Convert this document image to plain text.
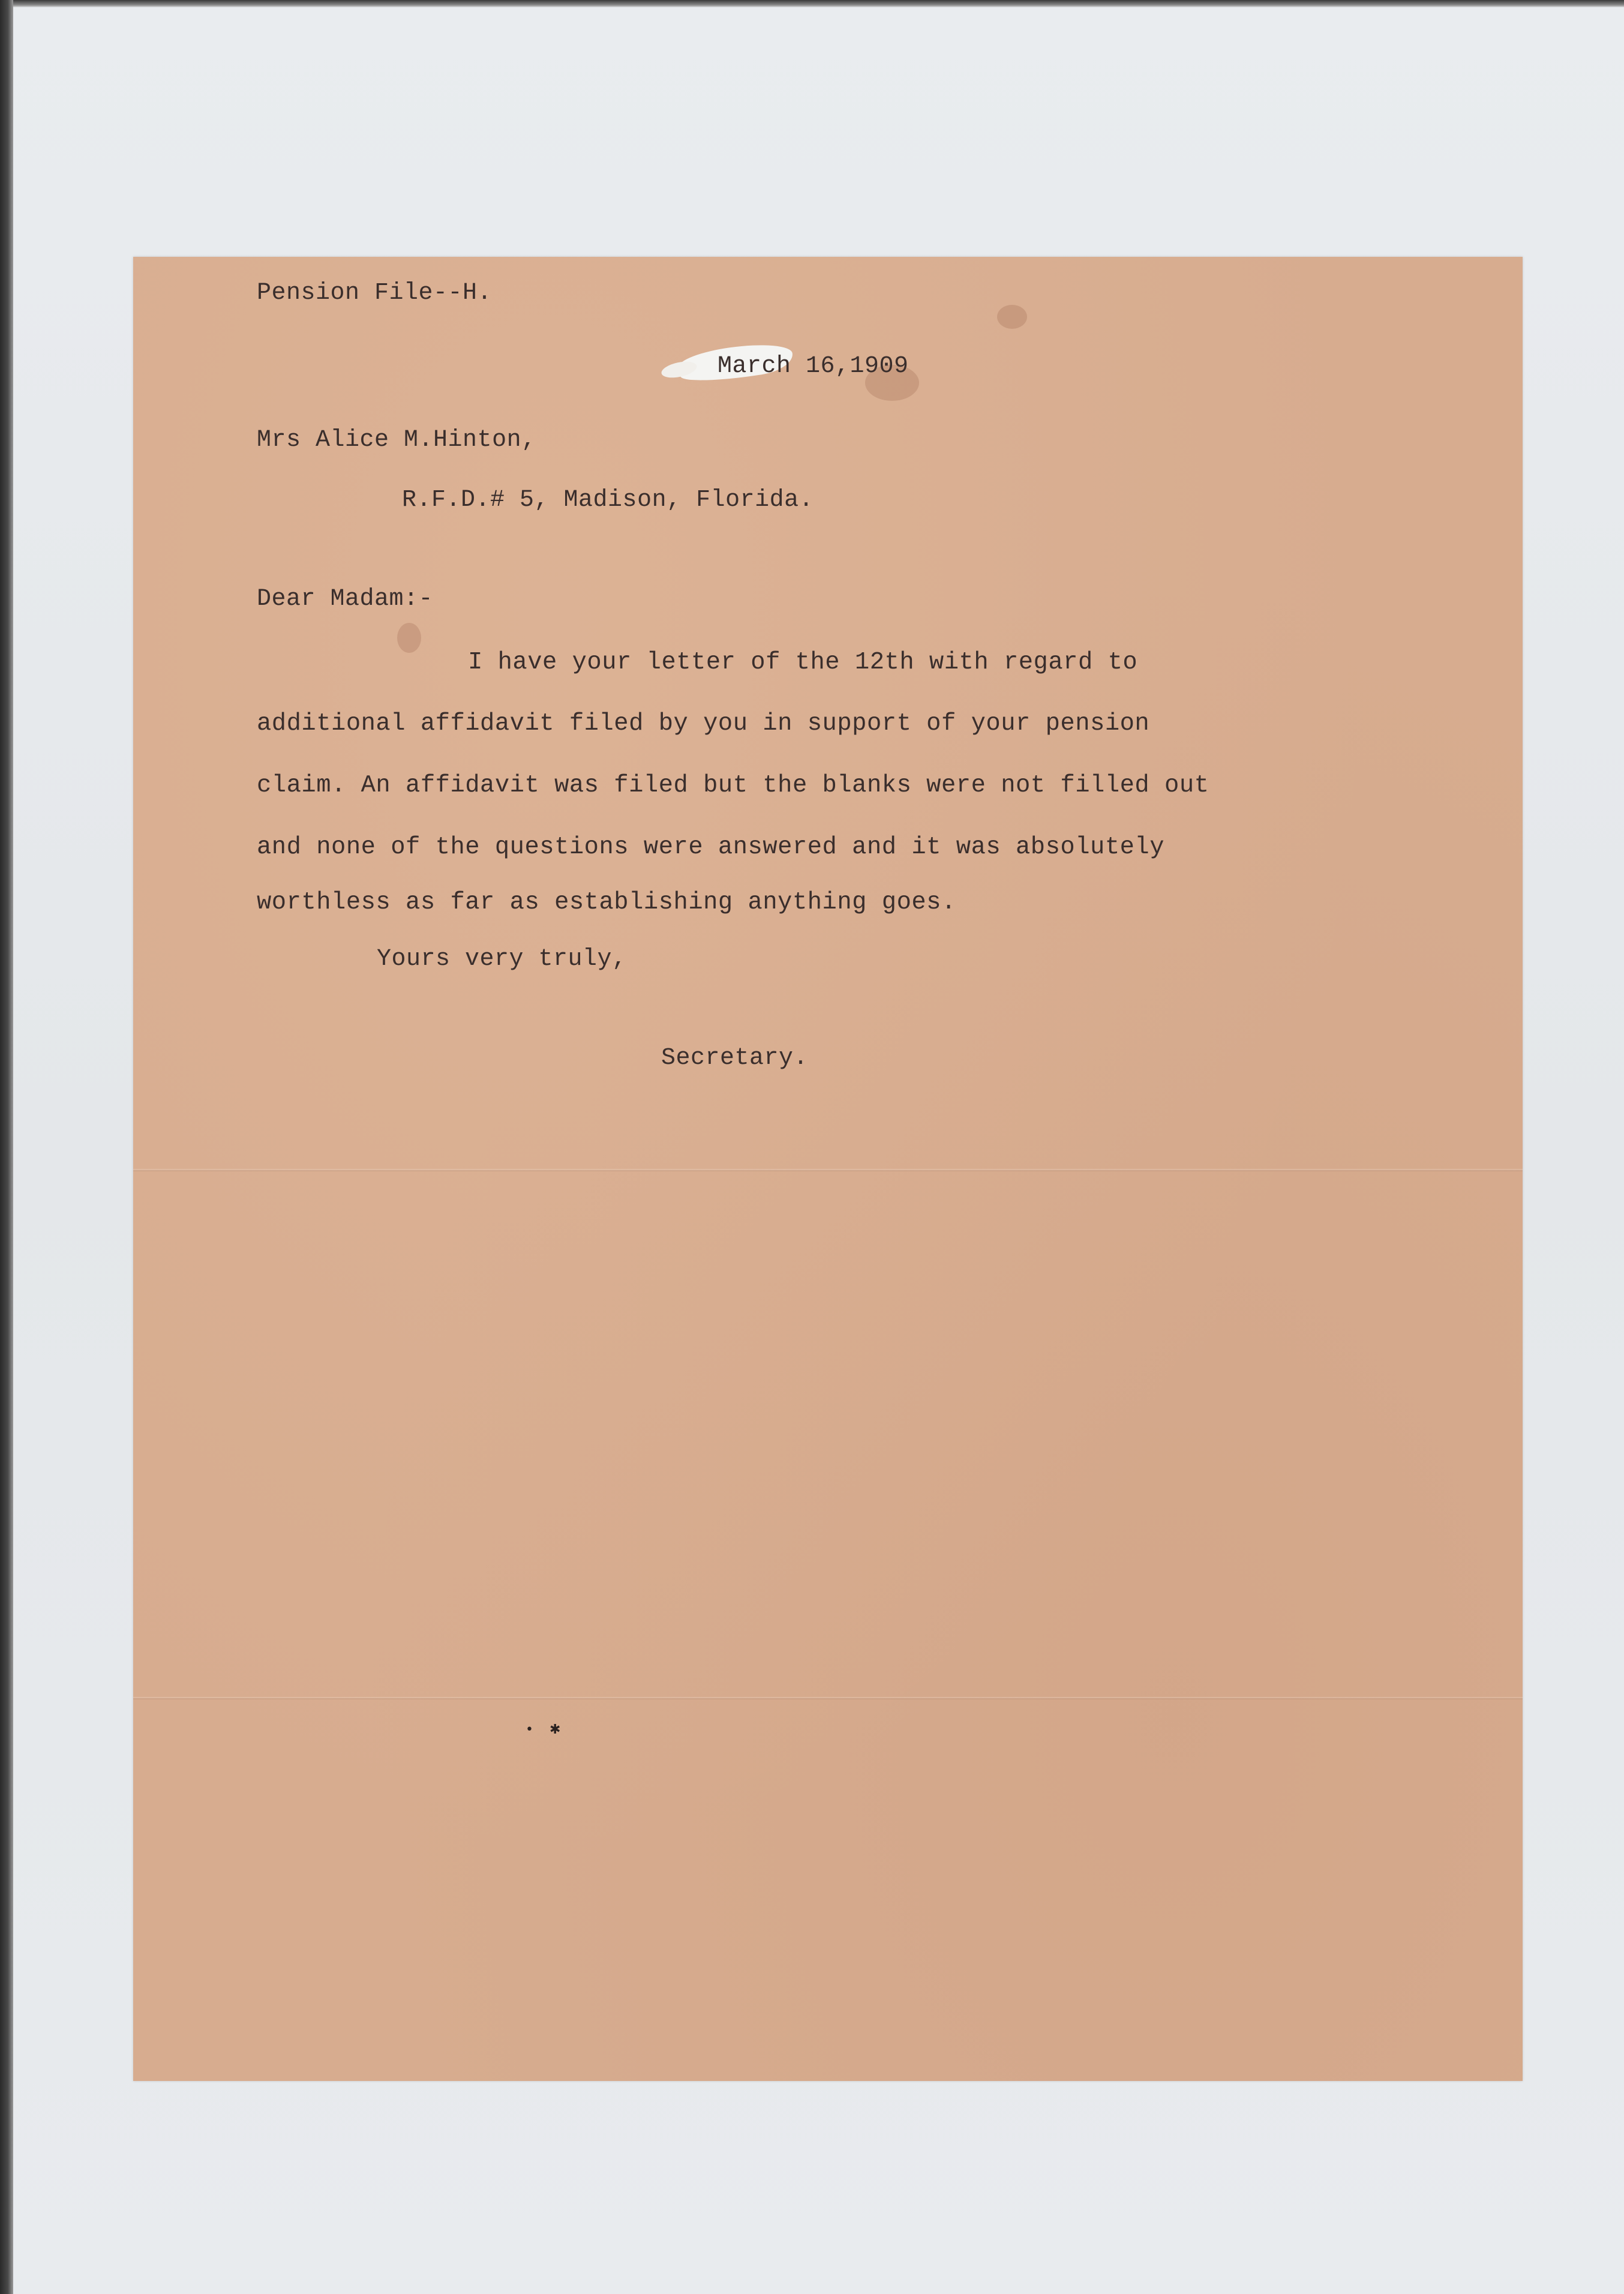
Pension File--H.
March 16,1909
Mrs Alice M.Hinton,
R.F.D.# 5, Madison, Florida.
Dear Madam:-
I have your letter of the 12th with regard to
additional affidavit filed by you in support of your pension
claim. An affidavit was filed but the blanks were not filled out
and none of the questions were answered and it was absolutely
worthless as far as establishing anything goes.
Yours very truly,
Secretary.
• ✱
